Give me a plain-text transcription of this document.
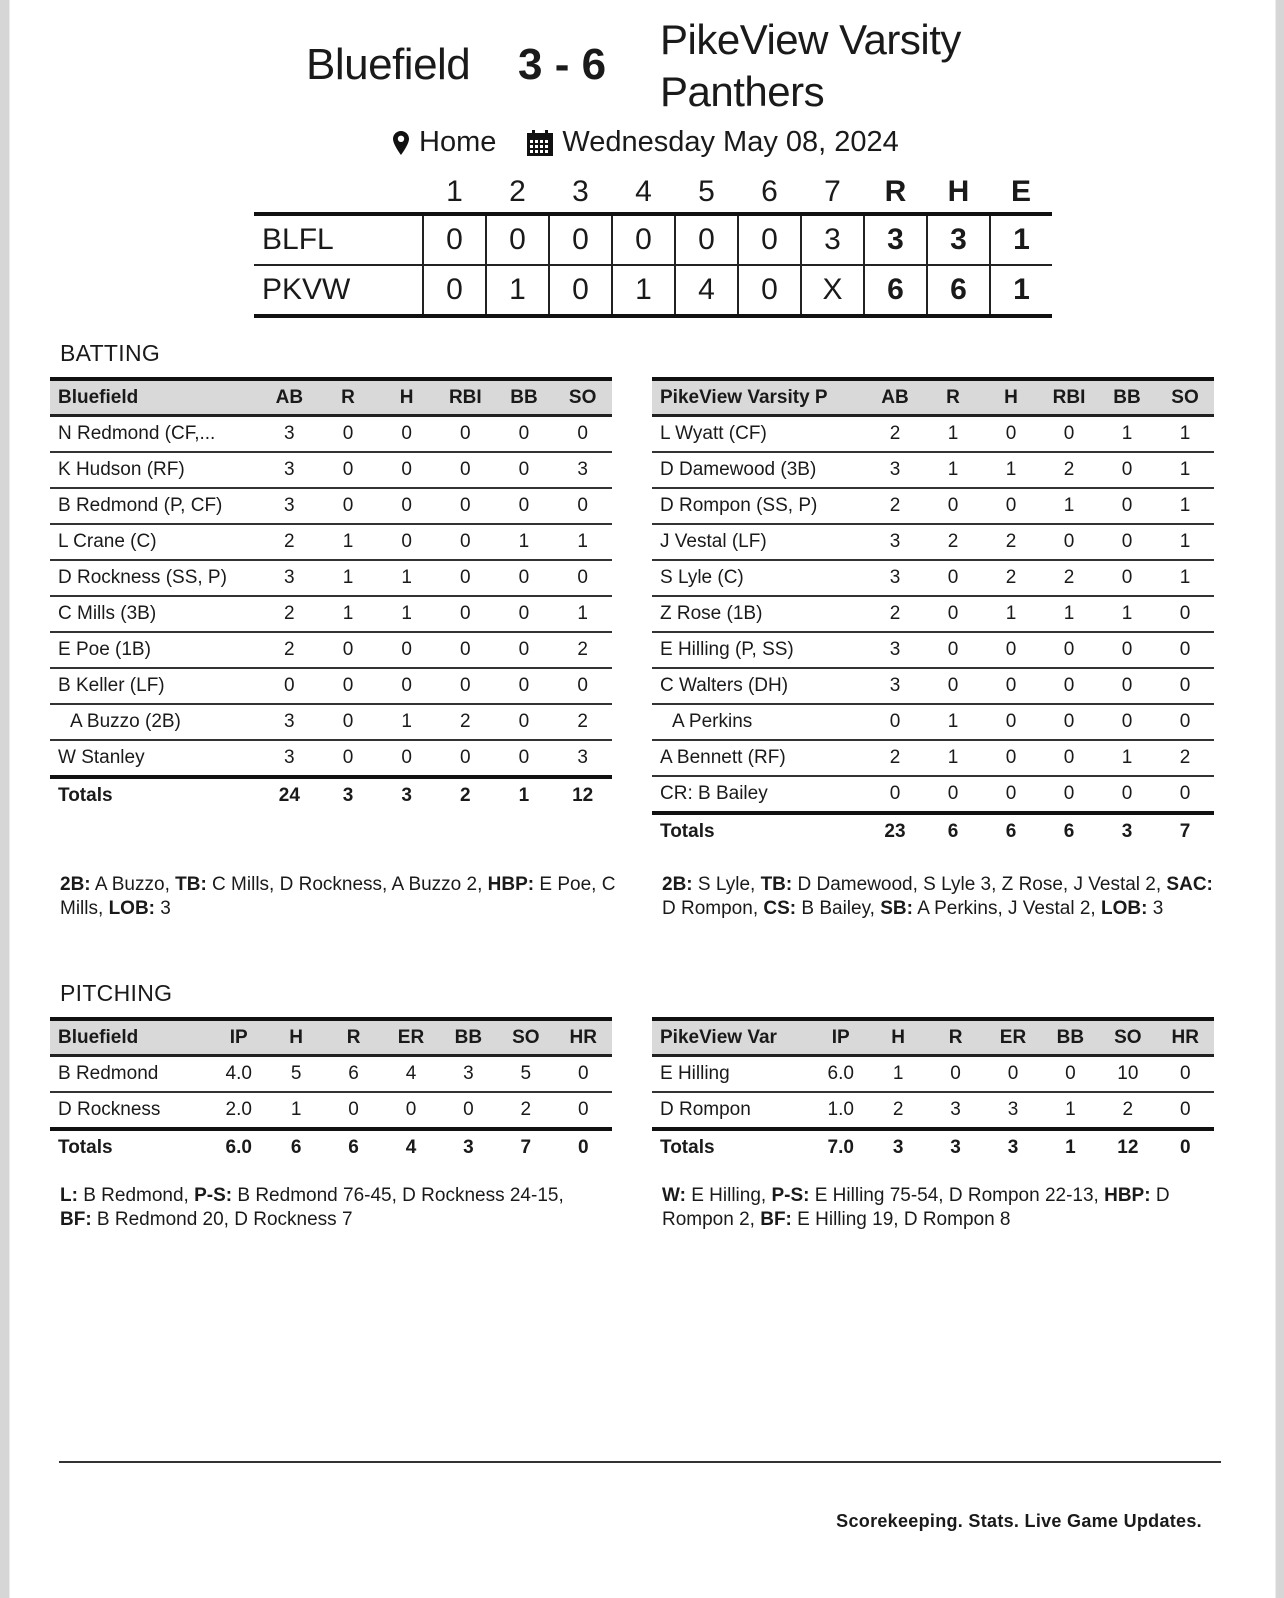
Bluefield 3 - 6
PikeView Varsity
Panthers
Home Wednesday May 08, 2024
	1	2	3	4	5	6	7	R	H	E
BLFL	0	0	0	0	0	0	3	3	3	1
PKVW	0	1	0	1	4	0	X	6	6	1
BATTING
Bluefield	AB	R	H	RBI	BB	SO
N Redmond (CF,...	3	0	0	0	0	0
K Hudson (RF)	3	0	0	0	0	3
B Redmond (P, CF)	3	0	0	0	0	0
L Crane (C)	2	1	0	0	1	1
D Rockness (SS, P)	3	1	1	0	0	0
C Mills (3B)	2	1	1	0	0	1
E Poe (1B)	2	0	0	0	0	2
B Keller (LF)	0	0	0	0	0	0
A Buzzo (2B)	3	0	1	2	0	2
W Stanley	3	0	0	0	0	3
Totals	24	3	3	2	1	12
PikeView Varsity P	AB	R	H	RBI	BB	SO
L Wyatt (CF)	2	1	0	0	1	1
D Damewood (3B)	3	1	1	2	0	1
D Rompon (SS, P)	2	0	0	1	0	1
J Vestal (LF)	3	2	2	0	0	1
S Lyle (C)	3	0	2	2	0	1
Z Rose (1B)	2	0	1	1	1	0
E Hilling (P, SS)	3	0	0	0	0	0
C Walters (DH)	3	0	0	0	0	0
A Perkins	0	1	0	0	0	0
A Bennett (RF)	2	1	0	0	1	2
CR: B Bailey	0	0	0	0	0	0
Totals	23	6	6	6	3	7
2B: A Buzzo, TB: C Mills, D Rockness, A Buzzo 2, HBP: E Poe, C Mills, LOB: 3
2B: S Lyle, TB: D Damewood, S Lyle 3, Z Rose, J Vestal 2, SAC: D Rompon, CS: B Bailey, SB: A Perkins, J Vestal 2, LOB: 3
PITCHING
Bluefield	IP	H	R	ER	BB	SO	HR
B Redmond	4.0	5	6	4	3	5	0
D Rockness	2.0	1	0	0	0	2	0
Totals	6.0	6	6	4	3	7	0
PikeView Var	IP	H	R	ER	BB	SO	HR
E Hilling	6.0	1	0	0	0	10	0
D Rompon	1.0	2	3	3	1	2	0
Totals	7.0	3	3	3	1	12	0
L: B Redmond, P-S: B Redmond 76-45, D Rockness 24-15, BF: B Redmond 20, D Rockness 7
W: E Hilling, P-S: E Hilling 75-54, D Rompon 22-13, HBP: D Rompon 2, BF: E Hilling 19, D Rompon 8
Scorekeeping. Stats. Live Game Updates.
